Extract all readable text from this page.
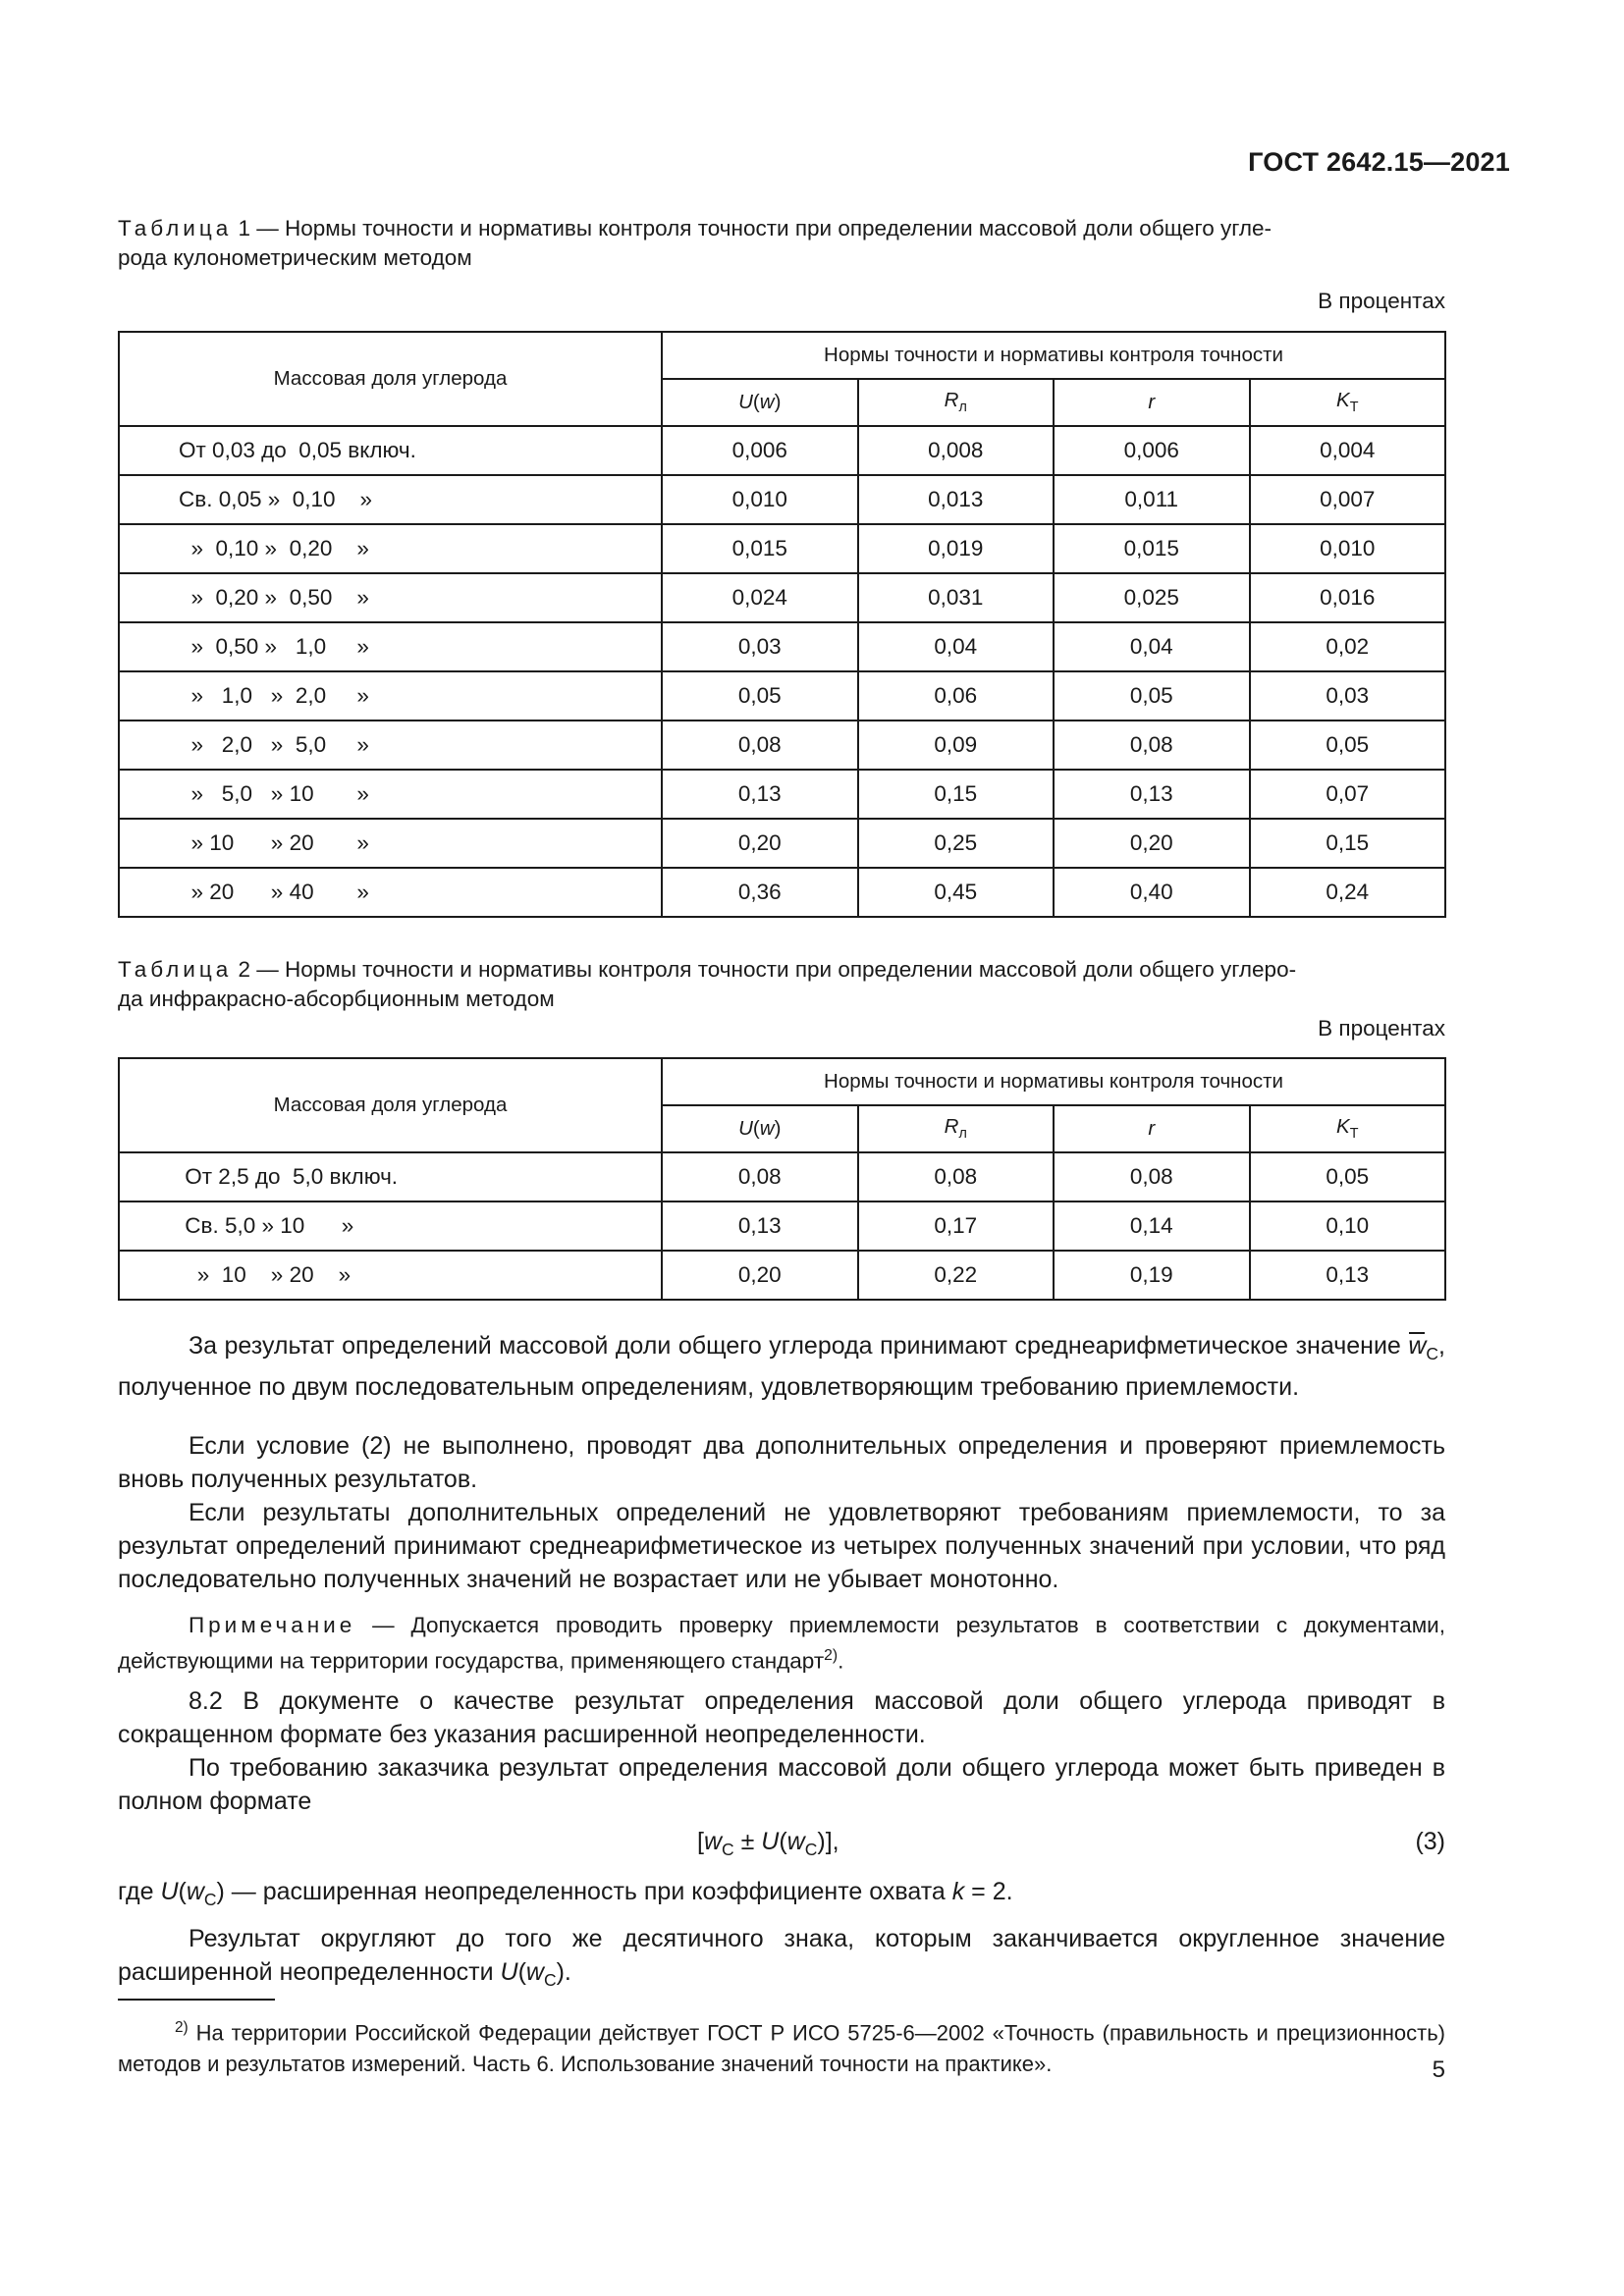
ГОСТ 2642.15—2021
Таблица 1 — Нормы точности и нормативы контроля точности при определении массовой доли общего угле-
рода кулонометрическим методом
В процентах
Массовая доля углерода	Нормы точности и нормативы контроля точности			
	U(w)	$R_л$	r	$K_Т$
От 0,03 до  0,05 включ.	0,006	0,008	0,006	0,004
Св. 0,05 »  0,10    »	0,010	0,013	0,011	0,007
»  0,10 »  0,20    »	0,015	0,019	0,015	0,010
»  0,20 »  0,50    »	0,024	0,031	0,025	0,016
»  0,50 »   1,0     »	0,03	0,04	0,04	0,02
»   1,0   »  2,0     »	0,05	0,06	0,05	0,03
»   2,0   »  5,0     »	0,08	0,09	0,08	0,05
»   5,0   » 10       »	0,13	0,15	0,13	0,07
» 10      » 20       »	0,20	0,25	0,20	0,15
» 20      » 40       »	0,36	0,45	0,40	0,24
Таблица 2 — Нормы точности и нормативы контроля точности при определении массовой доли общего углеро-
да инфракрасно-абсорбционным методом
В процентах
Массовая доля углерода	Нормы точности и нормативы контроля точности			
	U(w)	$R_л$	r	$K_Т$
От 2,5 до  5,0 включ.	0,08	0,08	0,08	0,05
Св. 5,0 » 10      »	0,13	0,17	0,14	0,10
»  10    » 20    »	0,20	0,22	0,19	0,13
За результат определений массовой доли общего углерода принимают среднеарифметическое значение $w_C$, полученное по двум последовательным определениям, удовлетворяющим требованию приемлемости.
Если условие (2) не выполнено, проводят два дополнительных определения и проверяют приемлемость вновь полученных результатов.
Если результаты дополнительных определений не удовлетворяют требованиям приемлемости, то за результат определений принимают среднеарифметическое из четырех полученных значений при условии, что ряд последовательно полученных значений не возрастает или не убывает монотонно.
Примечание — Допускается проводить проверку приемлемости результатов в соответствии с документами, действующими на территории государства, применяющего стандарт$^{2)}$.
8.2 В документе о качестве результат определения массовой доли общего углерода приводят в сокращенном формате без указания расширенной неопределенности.
По требованию заказчика результат определения массовой доли общего углерода может быть приведен в полном формате
$[w_C \pm U(w_C)]$,	(3)
где $U(w_C)$ — расширенная неопределенность при коэффициенте охвата k = 2.
Результат округляют до того же десятичного знака, которым заканчивается округленное значение расширенной неопределенности $U(w_C)$.
$^{2)}$ На территории Российской Федерации действует ГОСТ Р ИСО 5725-6—2002 «Точность (правильность и прецизионность) методов и результатов измерений. Часть 6. Использование значений точности на практике».	5
